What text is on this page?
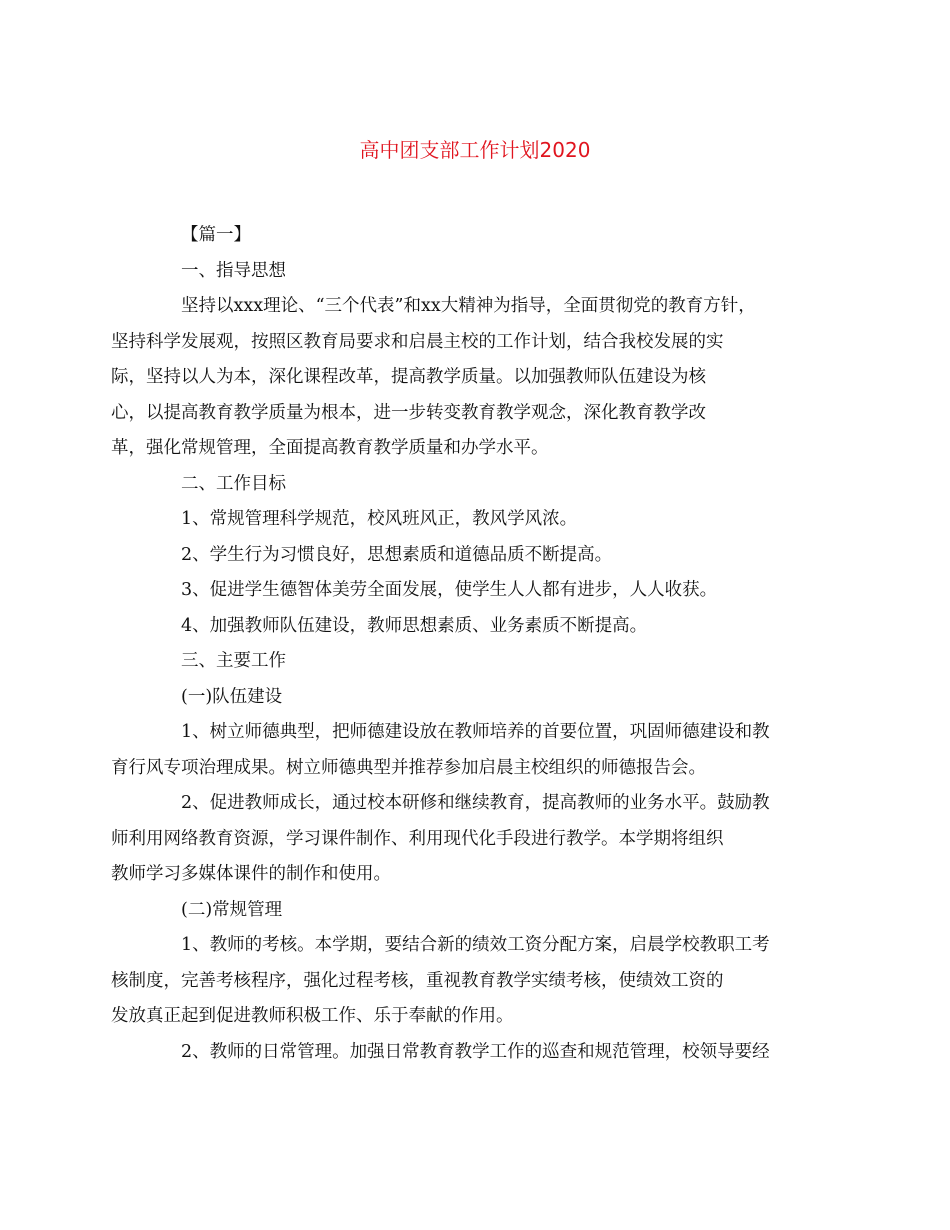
高中团支部工作计划2020

【篇一】

一、指导思想

坚持以xxx理论、“三个代表”和xx大精神为指导，全面贯彻党的教育方针，
坚持科学发展观，按照区教育局要求和启晨主校的工作计划，结合我校发展的实
际，坚持以人为本，深化课程改革，提高教学质量。以加强教师队伍建设为核
心，以提高教育教学质量为根本，进一步转变教育教学观念，深化教育教学改
革，强化常规管理，全面提高教育教学质量和办学水平。

二、工作目标

1、常规管理科学规范，校风班风正，教风学风浓。

2、学生行为习惯良好，思想素质和道德品质不断提高。

3、促进学生德智体美劳全面发展，使学生人人都有进步，人人收获。

4、加强教师队伍建设，教师思想素质、业务素质不断提高。

三、主要工作

(一)队伍建设

1、树立师德典型，把师德建设放在教师培养的首要位置，巩固师德建设和教
育行风专项治理成果。树立师德典型并推荐参加启晨主校组织的师德报告会。

2、促进教师成长，通过校本研修和继续教育，提高教师的业务水平。鼓励教
师利用网络教育资源，学习课件制作、利用现代化手段进行教学。本学期将组织
教师学习多媒体课件的制作和使用。

(二)常规管理

1、教师的考核。本学期，要结合新的绩效工资分配方案，启晨学校教职工考
核制度，完善考核程序，强化过程考核，重视教育教学实绩考核，使绩效工资的
发放真正起到促进教师积极工作、乐于奉献的作用。

2、教师的日常管理。加强日常教育教学工作的巡查和规范管理，校领导要经
